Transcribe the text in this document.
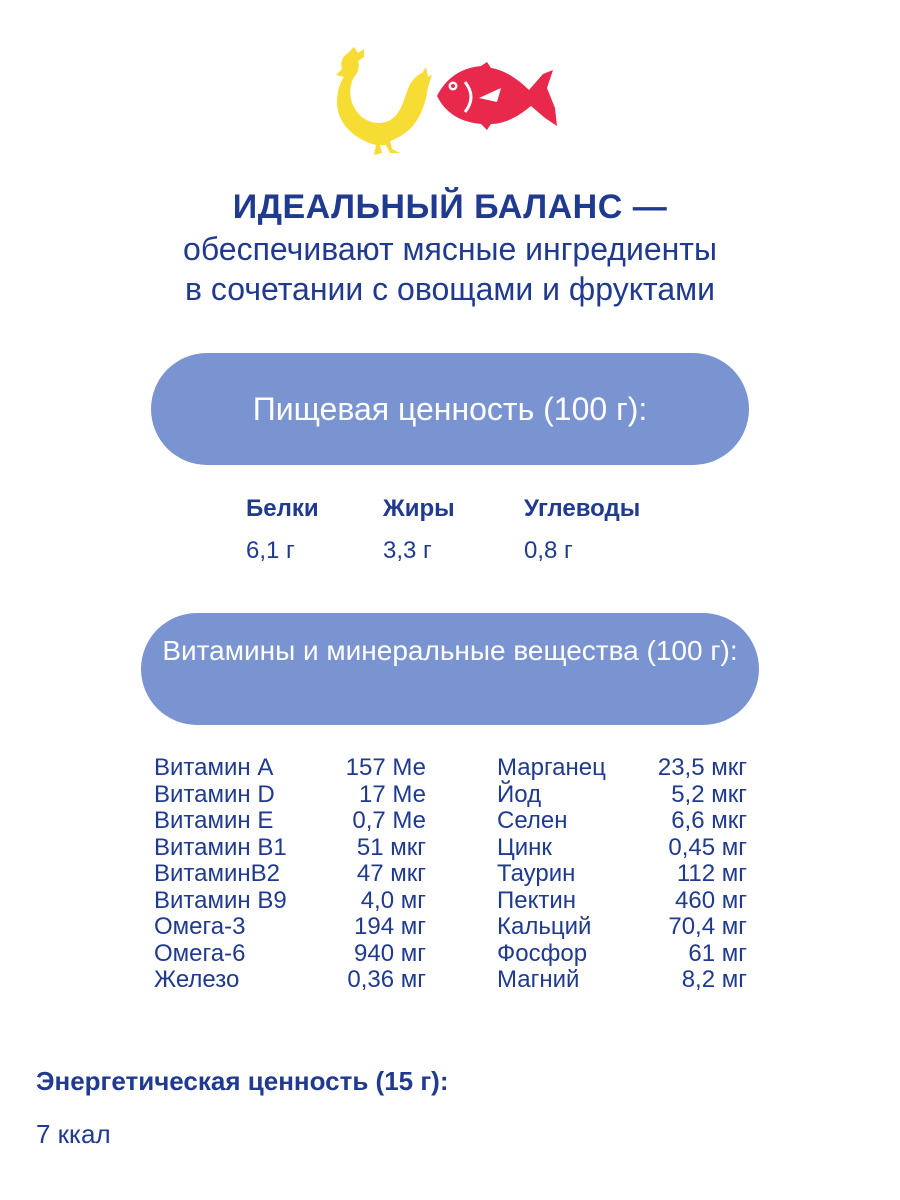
ИДЕАЛЬНЫЙ БАЛАНС —
обеспечивают мясные ингредиенты
в сочетании с овощами и фруктами
Пищевая ценность (100 г):
Белки
6,1 г
Жиры
3,3 г
Углеводы
0,8 г
Витамины и минеральные вещества (100 г):
Витамин A	157 Ме
Витамин D	17 Ме
Витамин E	0,7 Ме
Витамин B1	51 мкг
ВитаминB2	47 мкг
Витамин B9	4,0 мг
Омега-3	194 мг
Омега-6	940 мг
Железо	0,36 мг
Марганец 23,5 мкг
Йод	5,2 мкг
Селен	6,6 мкг
Цинк	0,45 мг
Таурин	112 мг
Пектин	460 мг
Кальций	70,4 мг
Фосфор	61 мг
Магний	8,2 мг
Энергетическая ценность (15 г):
7 ккал
